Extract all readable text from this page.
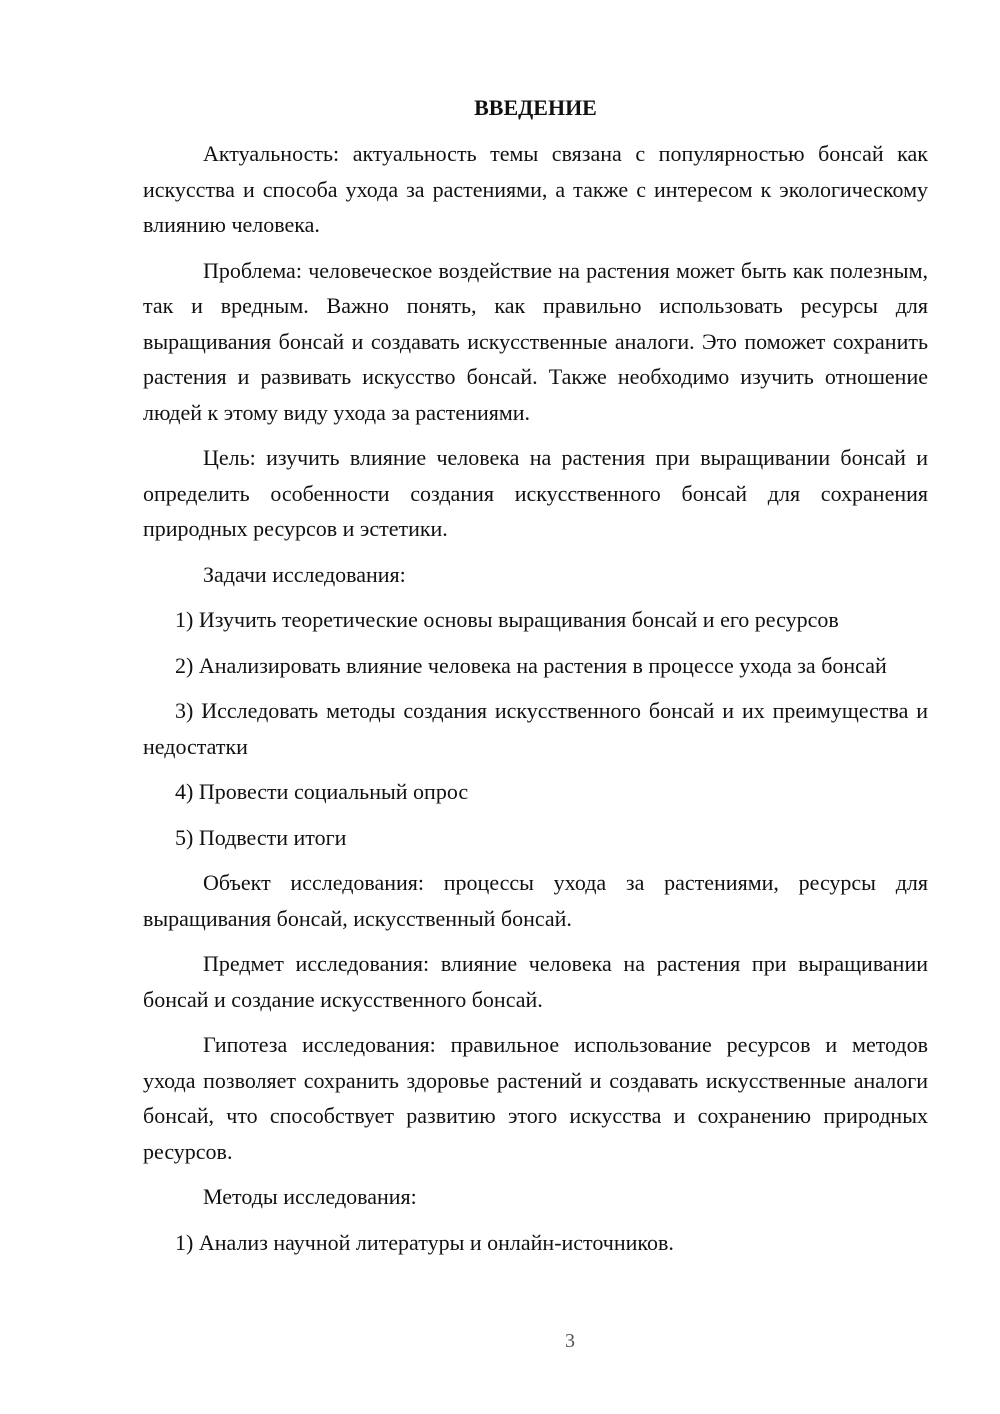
ВВЕДЕНИЕ

Актуальность: актуальность темы связана с популярностью бонсай как искусства и способа ухода за растениями, а также с интересом к экологическому влиянию человека.

Проблема: человеческое воздействие на растения может быть как полезным, так и вредным. Важно понять, как правильно использовать ресурсы для выращивания бонсай и создавать искусственные аналоги. Это поможет сохранить растения и развивать искусство бонсай. Также необходимо изучить отношение людей к этому виду ухода за растениями.

Цель: изучить влияние человека на растения при выращивании бонсай и определить особенности создания искусственного бонсай для сохранения природных ресурсов и эстетики.

Задачи исследования:

1) Изучить теоретические основы выращивания бонсай и его ресурсов

2) Анализировать влияние человека на растения в процессе ухода за бонсай

3) Исследовать методы создания искусственного бонсай и их преимущества и недостатки

4) Провести социальный опрос

5) Подвести итоги

Объект исследования: процессы ухода за растениями, ресурсы для выращивания бонсай, искусственный бонсай.

Предмет исследования: влияние человека на растения при выращивании бонсай и создание искусственного бонсай.

Гипотеза исследования: правильное использование ресурсов и методов ухода позволяет сохранить здоровье растений и создавать искусственные аналоги бонсай, что способствует развитию этого искусства и сохранению природных ресурсов.

Методы исследования:

1) Анализ научной литературы и онлайн-источников.

3
